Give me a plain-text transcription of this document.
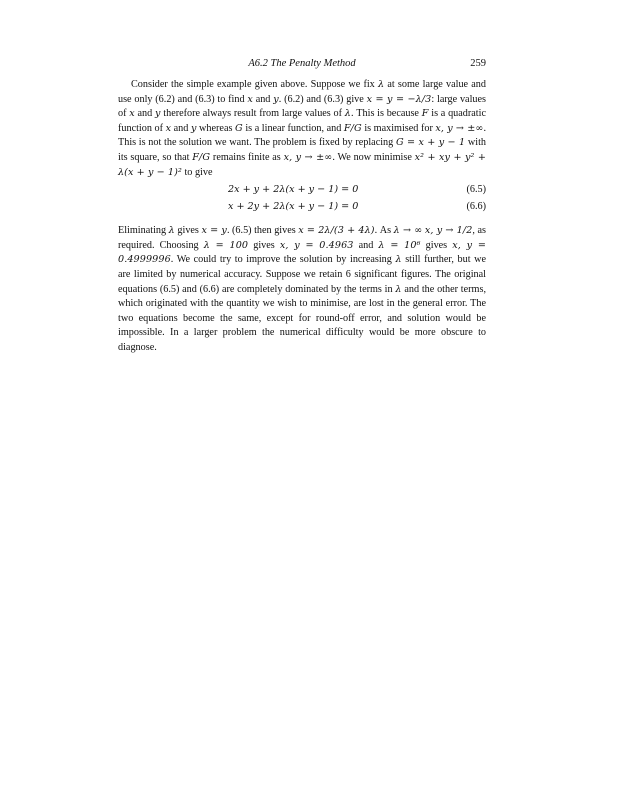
A6.2 The Penalty Method	259

Consider the simple example given above. Suppose we fix λ at some large value and use only (6.2) and (6.3) to find x and y. (6.2) and (6.3) give x = y = −λ/3: large values of x and y therefore always result from large values of λ. This is because F is a quadratic function of x and y whereas G is a linear function, and F/G is maximised for x, y → ±∞. This is not the solution we want. The problem is fixed by replacing G = x + y − 1 with its square, so that F/G remains finite as x, y → ±∞. We now minimise x² + xy + y² + λ(x + y − 1)² to give

2x + y + 2λ(x + y − 1) = 0	(6.5)
x + 2y + 2λ(x + y − 1) = 0	(6.6)

Eliminating λ gives x = y. (6.5) then gives x = 2λ/(3 + 4λ). As λ → ∞ x, y → 1/2, as required. Choosing λ = 100 gives x, y = 0.4963 and λ = 10⁶ gives x, y = 0.4999996. We could try to improve the solution by increasing λ still further, but we are limited by numerical accuracy. Suppose we retain 6 significant figures. The original equations (6.5) and (6.6) are completely dominated by the terms in λ and the other terms, which originated with the quantity we wish to minimise, are lost in the general error. The two equations become the same, except for round-off error, and solution would be impossible. In a larger problem the numerical difficulty would be more obscure to diagnose.
